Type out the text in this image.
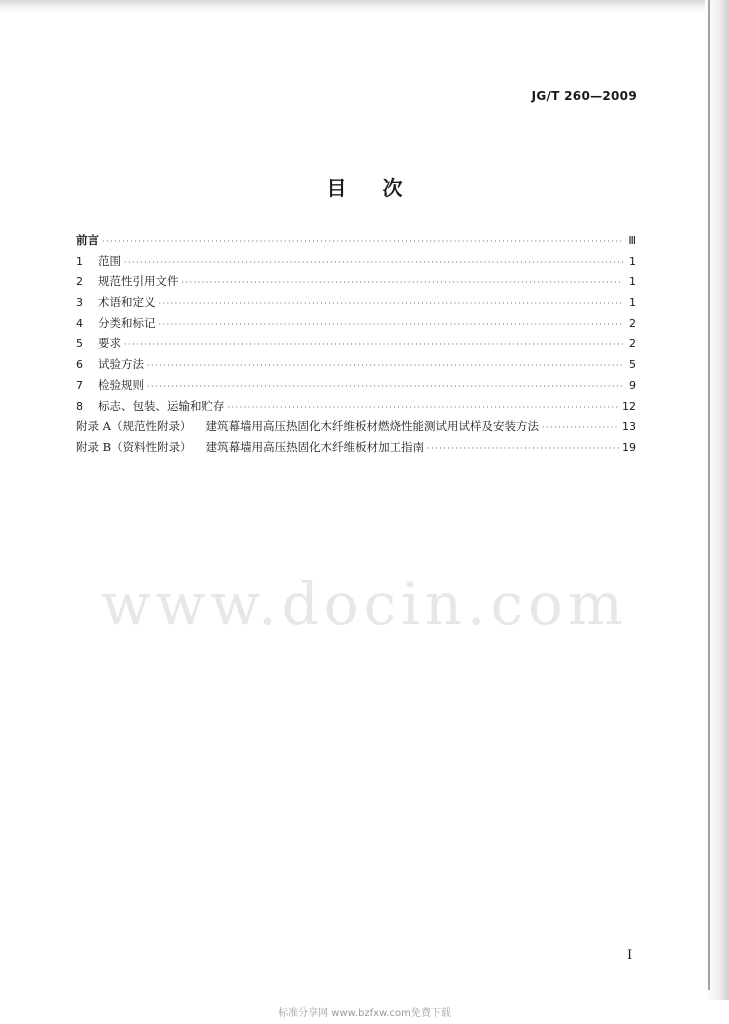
JG/T 260—2009
目 次
前言 ·····	Ⅲ
1	范围 ·····	1
2	规范性引用文件 ·····	1
3	术语和定义 ·····	1
4	分类和标记 ·····	2
5	要求 ·····	2
6	试验方法 ·····	5
7	检验规则 ·····	9
8	标志、包装、运输和贮存 ·····	12
附录 A（规范性附录） 建筑幕墙用高压热固化木纤维板材燃烧性能测试用试样及安装方法 ·····	13
附录 B（资料性附录） 建筑幕墙用高压热固化木纤维板材加工指南 ·····	19
www.docin.com
I
标准分享网 www.bzfxw.com免费下载
